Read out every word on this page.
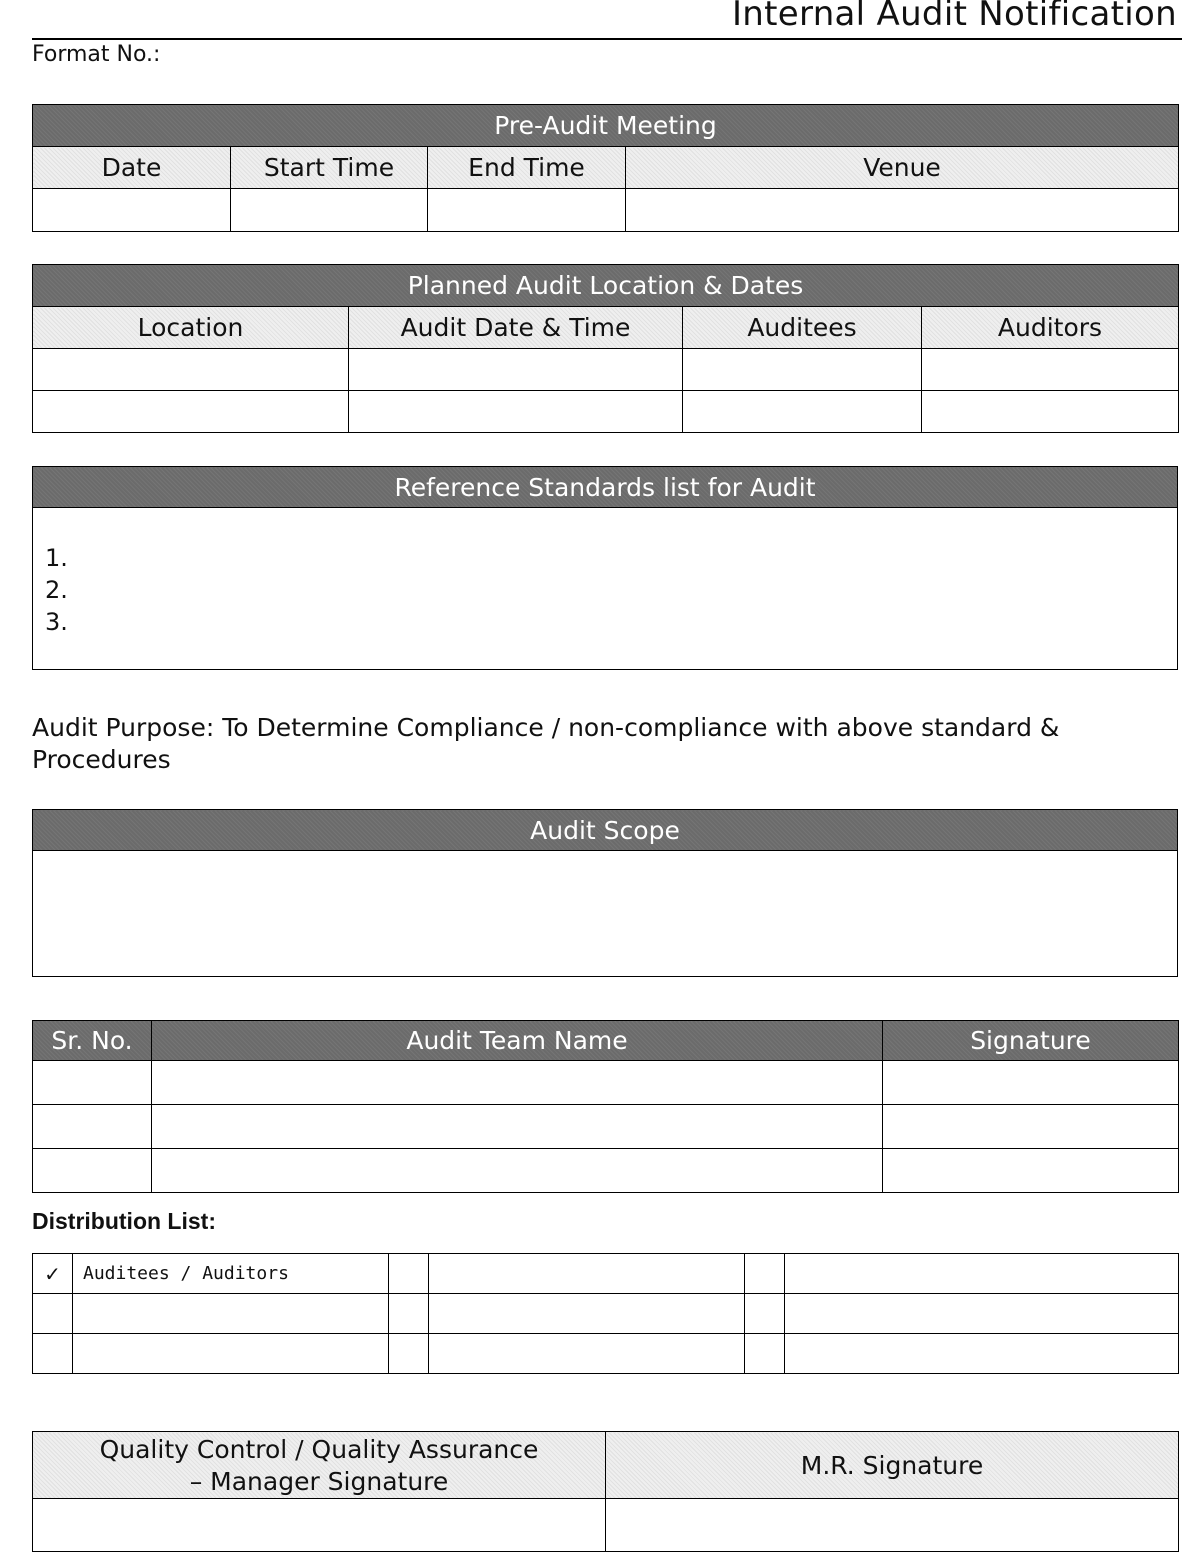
Internal Audit Notification
Format No.:
Pre-Audit Meeting			
Date	Start Time	End Time	Venue

Planned Audit Location & Dates			
Location	Audit Date & Time	Auditees	Auditors

Reference Standards list for Audit

1.
2.
3.
Audit Purpose: To Determine Compliance / non-compliance with above standard & Procedures
Audit Scope

Sr. No.	Audit Team Name	Signature

Distribution List:
✓	Auditees / Auditors				

Quality Control / Quality Assurance
– Manager Signature	M.R. Signature
